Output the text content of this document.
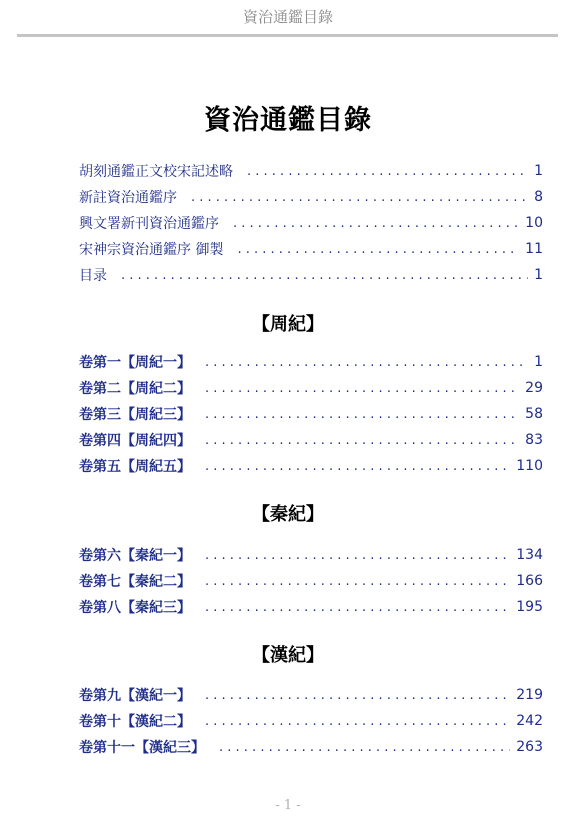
資治通鑑目錄
資治通鑑目錄
胡刻通鑑正文校宋記述略 . . .	1
新註資治通鑑序 . . .	8
興文署新刊資治通鑑序 . . .	10
宋神宗資治通鑑序 御製 . . .	11
目录 . . .	1
【周紀】
卷第一【周紀一】 . . .	1
卷第二【周紀二】 . . .	29
卷第三【周紀三】 . . .	58
卷第四【周紀四】 . . .	83
卷第五【周紀五】 . . .	110
【秦紀】
卷第六【秦紀一】 . . .	134
卷第七【秦紀二】 . . .	166
卷第八【秦紀三】 . . .	195
【漢紀】
卷第九【漢紀一】 . . .	219
卷第十【漢紀二】 . . .	242
卷第十一【漢紀三】 . . .	263
- 1 -
